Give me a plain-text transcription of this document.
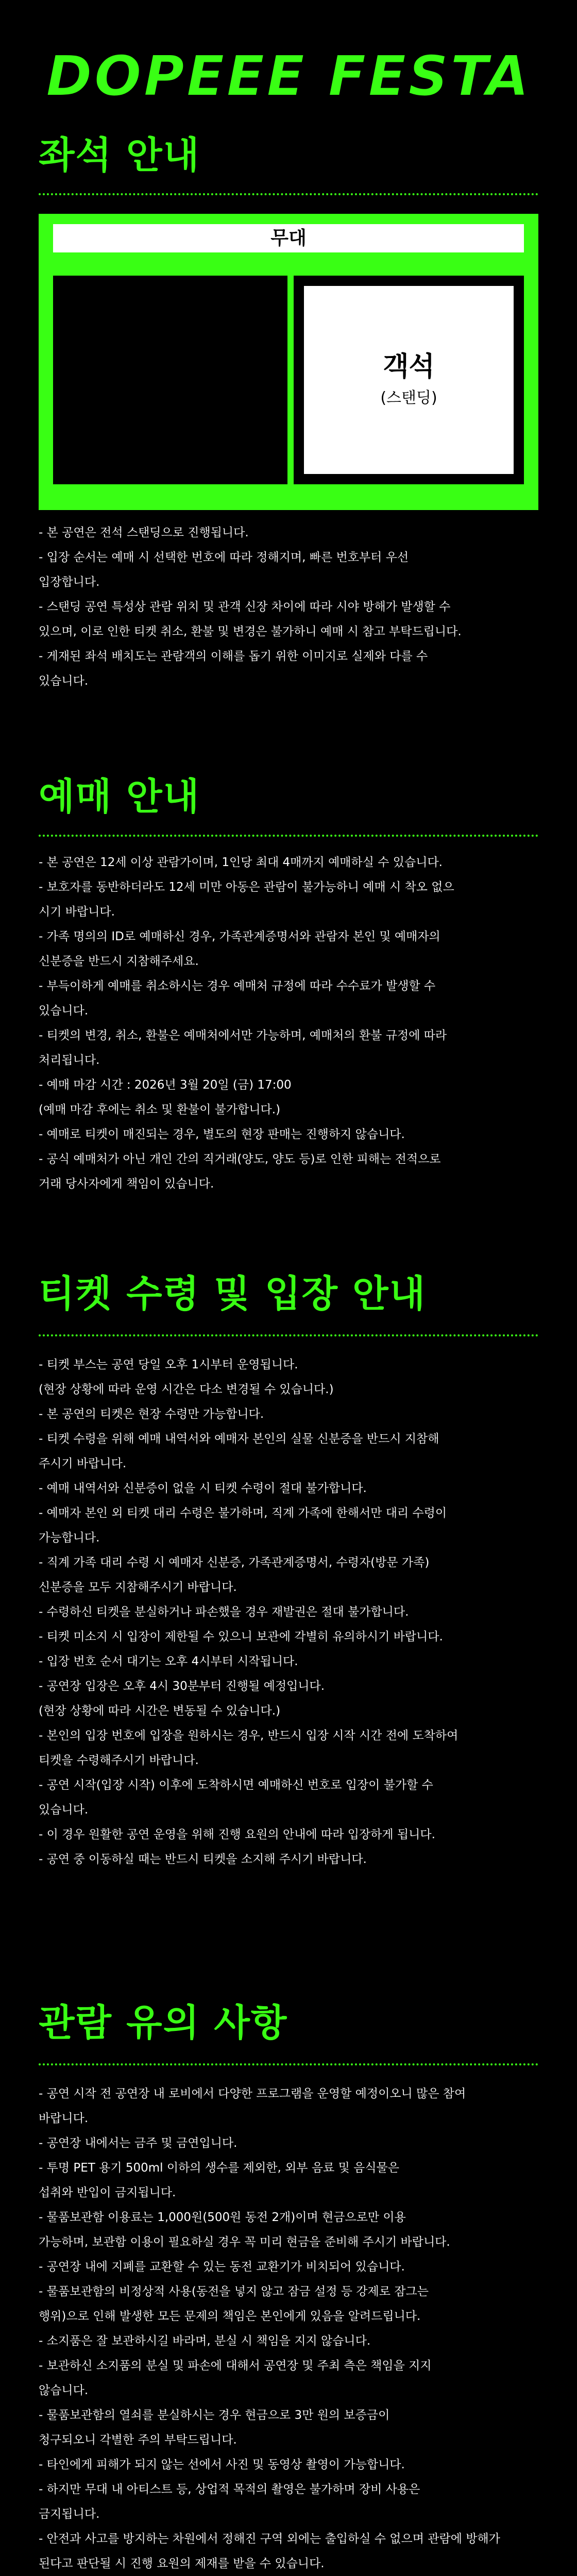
DOPEEE FESTA
좌석 안내
무대
객석
(스탠딩)
- 본 공연은 전석 스탠딩으로 진행됩니다.
- 입장 순서는 예매 시 선택한 번호에 따라 정해지며, 빠른 번호부터 우선
입장합니다.
- 스탠딩 공연 특성상 관람 위치 및 관객 신장 차이에 따라 시야 방해가 발생할 수
있으며, 이로 인한 티켓 취소, 환불 및 변경은 불가하니 예매 시 참고 부탁드립니다.
- 게재된 좌석 배치도는 관람객의 이해를 돕기 위한 이미지로 실제와 다를 수
있습니다.
예매 안내
- 본 공연은 12세 이상 관람가이며, 1인당 최대 4매까지 예매하실 수 있습니다.
- 보호자를 동반하더라도 12세 미만 아동은 관람이 불가능하니 예매 시 착오 없으
시기 바랍니다.
- 가족 명의의 ID로 예매하신 경우, 가족관계증명서와 관람자 본인 및 예매자의
신분증을 반드시 지참해주세요.
- 부득이하게 예매를 취소하시는 경우 예매처 규정에 따라 수수료가 발생할 수
있습니다.
- 티켓의 변경, 취소, 환불은 예매처에서만 가능하며, 예매처의 환불 규정에 따라
처리됩니다.
- 예매 마감 시간 : 2026년 3월 20일 (금) 17:00
(예매 마감 후에는 취소 및 환불이 불가합니다.)
- 예매로 티켓이 매진되는 경우, 별도의 현장 판매는 진행하지 않습니다.
- 공식 예매처가 아닌 개인 간의 직거래(양도, 양도 등)로 인한 피해는 전적으로
거래 당사자에게 책임이 있습니다.
티켓 수령 및 입장 안내
- 티켓 부스는 공연 당일 오후 1시부터 운영됩니다.
(현장 상황에 따라 운영 시간은 다소 변경될 수 있습니다.)
- 본 공연의 티켓은 현장 수령만 가능합니다.
- 티켓 수령을 위해 예매 내역서와 예매자 본인의 실물 신분증을 반드시 지참해
주시기 바랍니다.
- 예매 내역서와 신분증이 없을 시 티켓 수령이 절대 불가합니다.
- 예매자 본인 외 티켓 대리 수령은 불가하며, 직계 가족에 한해서만 대리 수령이
가능합니다.
- 직계 가족 대리 수령 시 예매자 신분증, 가족관계증명서, 수령자(방문 가족)
신분증을 모두 지참해주시기 바랍니다.
- 수령하신 티켓을 분실하거나 파손했을 경우 재발권은 절대 불가합니다.
- 티켓 미소지 시 입장이 제한될 수 있으니 보관에 각별히 유의하시기 바랍니다.
- 입장 번호 순서 대기는 오후 4시부터 시작됩니다.
- 공연장 입장은 오후 4시 30분부터 진행될 예정입니다.
(현장 상황에 따라 시간은 변동될 수 있습니다.)
- 본인의 입장 번호에 입장을 원하시는 경우, 반드시 입장 시작 시간 전에 도착하여
티켓을 수령해주시기 바랍니다.
- 공연 시작(입장 시작) 이후에 도착하시면 예매하신 번호로 입장이 불가할 수
있습니다.
- 이 경우 원활한 공연 운영을 위해 진행 요원의 안내에 따라 입장하게 됩니다.
- 공연 중 이동하실 때는 반드시 티켓을 소지해 주시기 바랍니다.
관람 유의 사항
- 공연 시작 전 공연장 내 로비에서 다양한 프로그램을 운영할 예정이오니 많은 참여
바랍니다.
- 공연장 내에서는 금주 및 금연입니다.
- 투명 PET 용기 500ml 이하의 생수를 제외한, 외부 음료 및 음식물은
섭취와 반입이 금지됩니다.
- 물품보관함 이용료는 1,000원(500원 동전 2개)이며 현금으로만 이용
가능하며, 보관함 이용이 필요하실 경우 꼭 미리 현금을 준비해 주시기 바랍니다.
- 공연장 내에 지폐를 교환할 수 있는 동전 교환기가 비치되어 있습니다.
- 물품보관함의 비정상적 사용(동전을 넣지 않고 잠금 설정 등 강제로 잠그는
행위)으로 인해 발생한 모든 문제의 책임은 본인에게 있음을 알려드립니다.
- 소지품은 잘 보관하시길 바라며, 분실 시 책임을 지지 않습니다.
- 보관하신 소지품의 분실 및 파손에 대해서 공연장 및 주최 측은 책임을 지지
않습니다.
- 물품보관함의 열쇠를 분실하시는 경우 현금으로 3만 원의 보증금이
청구되오니 각별한 주의 부탁드립니다.
- 타인에게 피해가 되지 않는 선에서 사진 및 동영상 촬영이 가능합니다.
- 하지만 무대 내 아티스트 등, 상업적 목적의 촬영은 불가하며 장비 사용은
금지됩니다.
- 안전과 사고를 방지하는 차원에서 정해진 구역 외에는 출입하실 수 없으며 관람에 방해가
된다고 판단될 시 진행 요원의 제재를 받을 수 있습니다.
